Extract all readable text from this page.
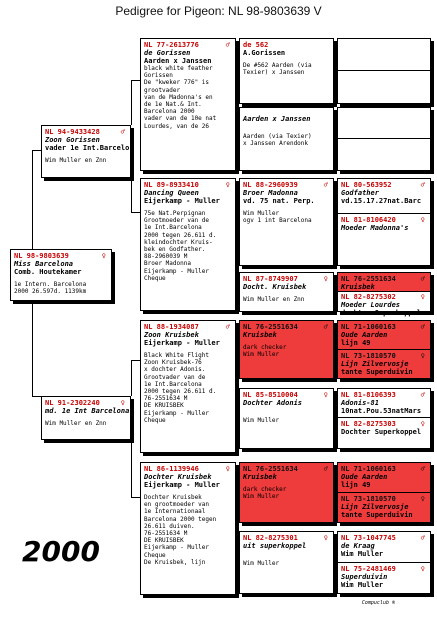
Pedigree for Pigeon: NL 98-9803639 V
NL 98-9803639	♀
Miss Barcelona
Comb. Houtekamer
1e Intern. Barcelona
2000 26.597d. 1139km
NL 94-9433428	♂
Zoon Gorissen
vader 1e Int.Barcelo
Wim Muller en Znn
NL 91-2302240	♀
md. 1e Int Barcelona
Wim Muller en Znn
NL 77-2613776	♂
de Gorissen
Aarden x Janssen
black white feather
Gorissen
De "kweker 776" is
grootvader
van de Madonna's en
de 1e Nat.& Int.
Barcelona 2000
vader van de 10e nat
Lourdes, van de 26
NL 89-8933410	♀
Dancing Queen
Eijerkamp - Muller
75e Nat.Perpignan
Grootmoeder van de
1e Int.Barcelona
2000 tegen 26.611 d.
kleindochter Kruis-
bek en Godfather.
88-2960039 M
Broer Madonna
Eijerkamp - Muller
Cheque
NL 88-1934087	♂
Zoon Kruisbek
Eijerkamp - Muller
Black White Flight
Zoon Kruisbek-76
x dochter Adonis.
Grootvader van de
1e Int.Barcelona
2000 tegen 26.611 d.
76-2551634 M
DE KRUISBEK
Eijerkamp - Muller
Cheque
NL 86-1139946	♀
Dochter Kruisbek
Eijerkamp - Muller
Dochter Kruisbek
en grootmoeder van
1e Internationaal
Barcelona 2000 tegen
26.611 duiven.
76-2551634 M
DE KRUISBEK
Eijerkamp - Muller
Cheque
De Kruisbek, lijn
de 562
A.Gorissen
De #562 Aarden (via
Texier) x Janssen
Aarden x Janssen
Aarden (via Texier)
x Janssen Arendonk
NL 88-2960939	♂
Broer Madonna
vd. 75 nat. Perp.
Wim Muller
ogv 1 int Barcelona
NL 87-8749907	♀
Docht. Kruisbek
Wim Muller en Znn
NL 76-2551634	♂
Kruisbek
dark checker
Wim Muller
NL 85-8510004	♀
Dochter Adonis
Wim Muller
NL 76-2551634	♂
Kruisbek
dark checker
Wim Muller
NL 82-8275301	♀
uit superkoppel
Wim Muller
NL 80-563952	♂
Godfather
vd.15.17.27nat.Barc
NL 81-8106420	♀
Moeder Madonna's
NL 76-2551634	♂
Kruisbek
NL 82-8275302	♀
Moeder Lourdes
dochter Superkoppel
NL 71-1060163	♂
Oude Aarden
lijn 49
NL 73-1810570	♀
Lijn Zilvervosje
tante Superduivin
NL 81-8106393	♂
Adonis-81
10nat.Pou.53natMars
NL 82-8275303	♀
Dochter Superkoppel
NL 71-1060163	♂
Oude Aarden
lijn 49
NL 73-1810570	♀
Lijn Zilvervosje
tante Superduivin
NL 73-1047745	♂
de Kraag
Wim Muller
NL 75-2481469	♀
Superduivin
Wim Muller
2000
Compuclub ®
